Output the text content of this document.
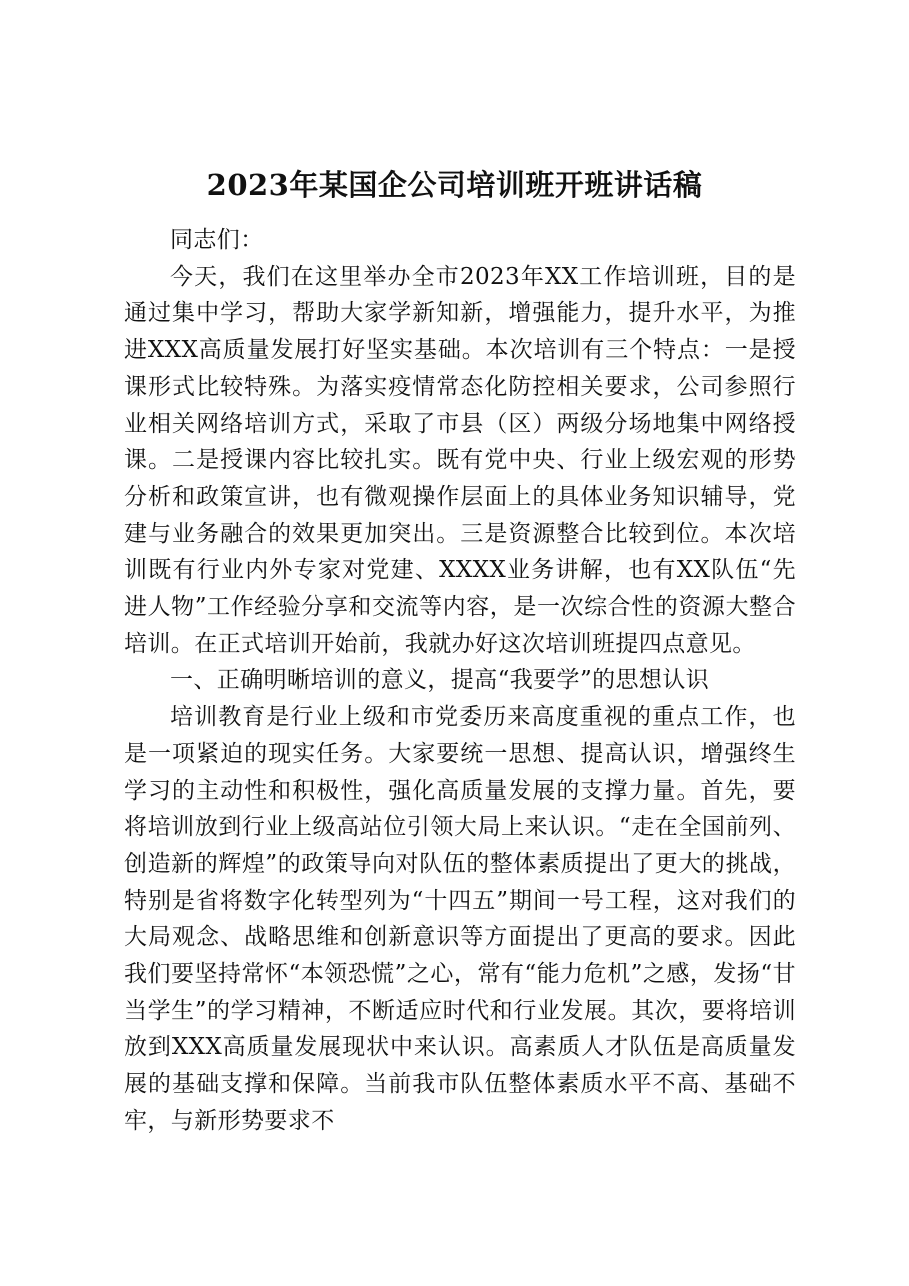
2023年某国企公司培训班开班讲话稿

同志们：

今天，我们在这里举办全市2023年XX工作培训班，目的是通过集中学习，帮助大家学新知新，增强能力，提升水平，为推进XXX高质量发展打好坚实基础。本次培训有三个特点：一是授课形式比较特殊。为落实疫情常态化防控相关要求，公司参照行业相关网络培训方式，采取了市县（区）两级分场地集中网络授课。二是授课内容比较扎实。既有党中央、行业上级宏观的形势分析和政策宣讲，也有微观操作层面上的具体业务知识辅导，党建与业务融合的效果更加突出。三是资源整合比较到位。本次培训既有行业内外专家对党建、XXXX业务讲解，也有XX队伍“先进人物”工作经验分享和交流等内容，是一次综合性的资源大整合培训。在正式培训开始前，我就办好这次培训班提四点意见。

一、正确明晰培训的意义，提高“我要学”的思想认识

培训教育是行业上级和市党委历来高度重视的重点工作，也是一项紧迫的现实任务。大家要统一思想、提高认识，增强终生学习的主动性和积极性，强化高质量发展的支撑力量。首先，要将培训放到行业上级高站位引领大局上来认识。“走在全国前列、创造新的辉煌”的政策导向对队伍的整体素质提出了更大的挑战，特别是省将数字化转型列为“十四五”期间一号工程，这对我们的大局观念、战略思维和创新意识等方面提出了更高的要求。因此我们要坚持常怀“本领恐慌”之心，常有“能力危机”之感，发扬“甘当学生”的学习精神，不断适应时代和行业发展。其次，要将培训放到XXX高质量发展现状中来认识。高素质人才队伍是高质量发展的基础支撑和保障。当前我市队伍整体素质水平不高、基础不牢，与新形势要求不
